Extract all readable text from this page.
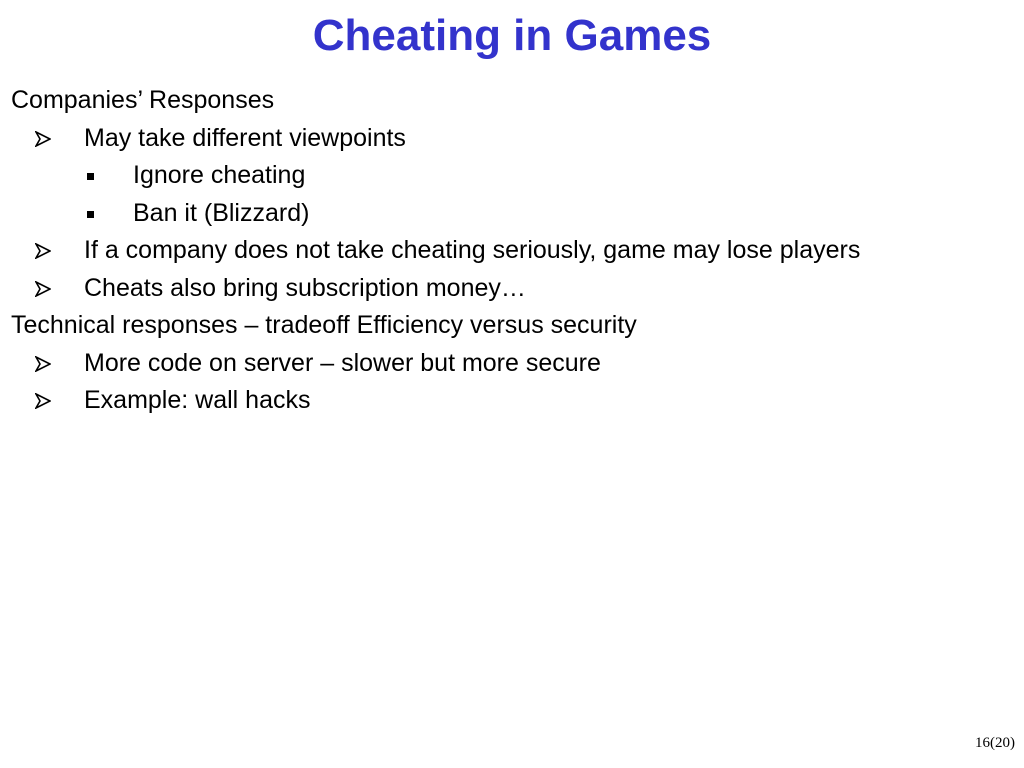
Cheating in Games
Companies’ Responses
May take different viewpoints
Ignore cheating
Ban it (Blizzard)
If a company does not take cheating seriously, game may lose players
Cheats also bring subscription money…
Technical responses – tradeoff Efficiency versus security
More code on server – slower but more secure
Example: wall hacks
16(20)
